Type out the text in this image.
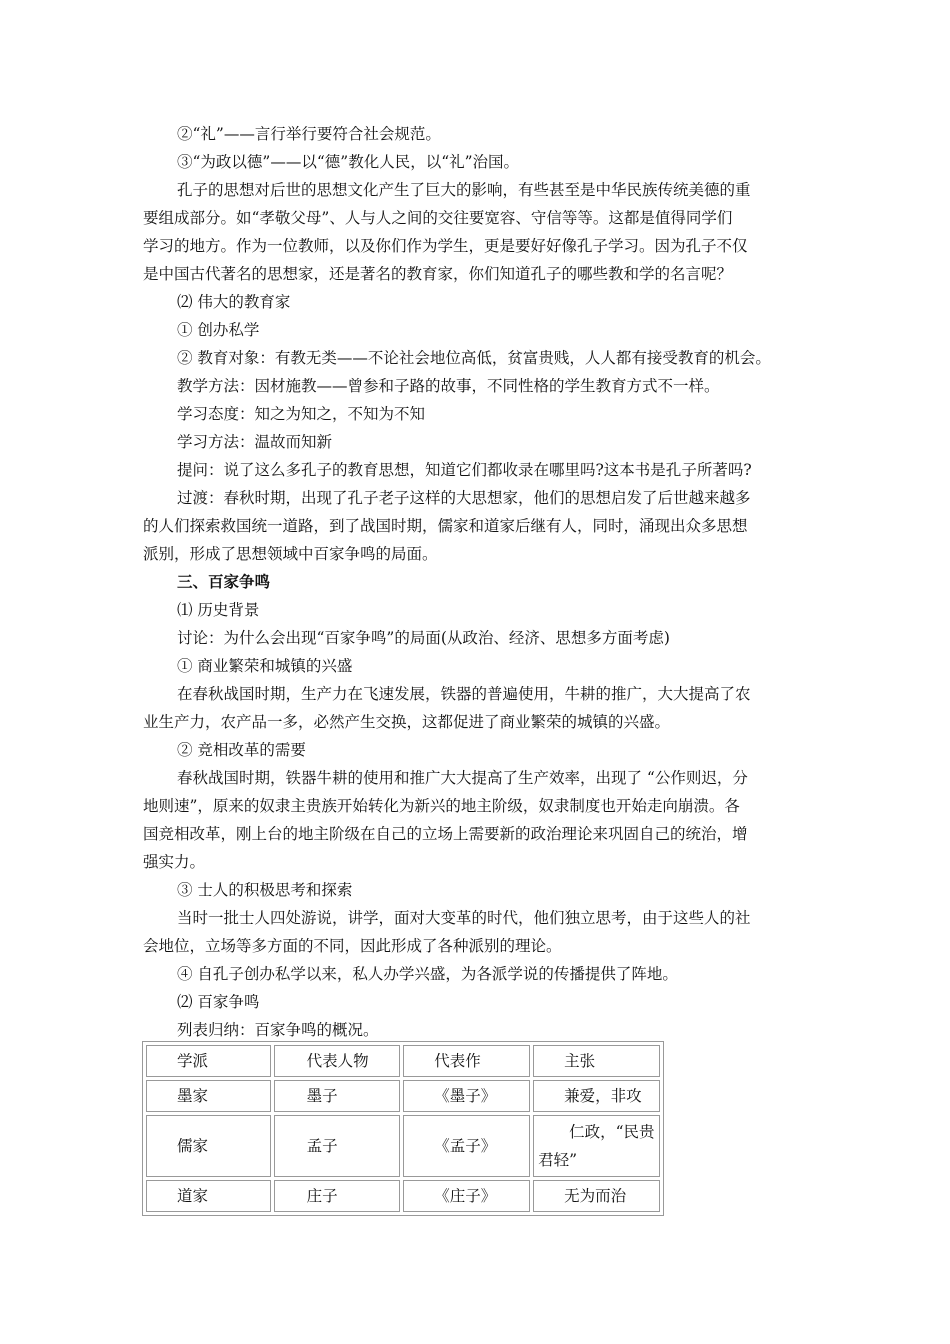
②“礼”——言行举行要符合社会规范。
③“为政以德”——以“德”教化人民，以“礼”治国。
孔子的思想对后世的思想文化产生了巨大的影响，有些甚至是中华民族传统美德的重
要组成部分。如“孝敬父母”、人与人之间的交往要宽容、守信等等。这都是值得同学们
学习的地方。作为一位教师，以及你们作为学生，更是要好好像孔子学习。因为孔子不仅
是中国古代著名的思想家，还是著名的教育家，你们知道孔子的哪些教和学的名言呢？
⑵ 伟大的教育家
① 创办私学
② 教育对象：有教无类——不论社会地位高低，贫富贵贱，人人都有接受教育的机会。
教学方法：因材施教——曾参和子路的故事，不同性格的学生教育方式不一样。
学习态度：知之为知之，不知为不知
学习方法：温故而知新
提问：说了这么多孔子的教育思想，知道它们都收录在哪里吗?这本书是孔子所著吗?
过渡：春秋时期，出现了孔子老子这样的大思想家，他们的思想启发了后世越来越多
的人们探索救国统一道路，到了战国时期，儒家和道家后继有人，同时，涌现出众多思想
派别，形成了思想领域中百家争鸣的局面。
三、百家争鸣
⑴ 历史背景
讨论：为什么会出现“百家争鸣”的局面(从政治、经济、思想多方面考虑)
① 商业繁荣和城镇的兴盛
在春秋战国时期，生产力在飞速发展，铁器的普遍使用，牛耕的推广，大大提高了农
业生产力，农产品一多，必然产生交换，这都促进了商业繁荣的城镇的兴盛。
② 竞相改革的需要
春秋战国时期，铁器牛耕的使用和推广大大提高了生产效率，出现了 “公作则迟，分
地则速”，原来的奴隶主贵族开始转化为新兴的地主阶级，奴隶制度也开始走向崩溃。各
国竞相改革，刚上台的地主阶级在自己的立场上需要新的政治理论来巩固自己的统治，增
强实力。
③ 士人的积极思考和探索
当时一批士人四处游说，讲学，面对大变革的时代，他们独立思考，由于这些人的社
会地位，立场等多方面的不同，因此形成了各种派别的理论。
④ 自孔子创办私学以来，私人办学兴盛，为各派学说的传播提供了阵地。
⑵ 百家争鸣
列表归纳：百家争鸣的概况。
学派	代表人物	代表作	主张
墨家	墨子	《墨子》	兼爱，非攻
儒家	孟子	《孟子》	仁政，“民贵君轻”
道家	庄子	《庄子》	无为而治
